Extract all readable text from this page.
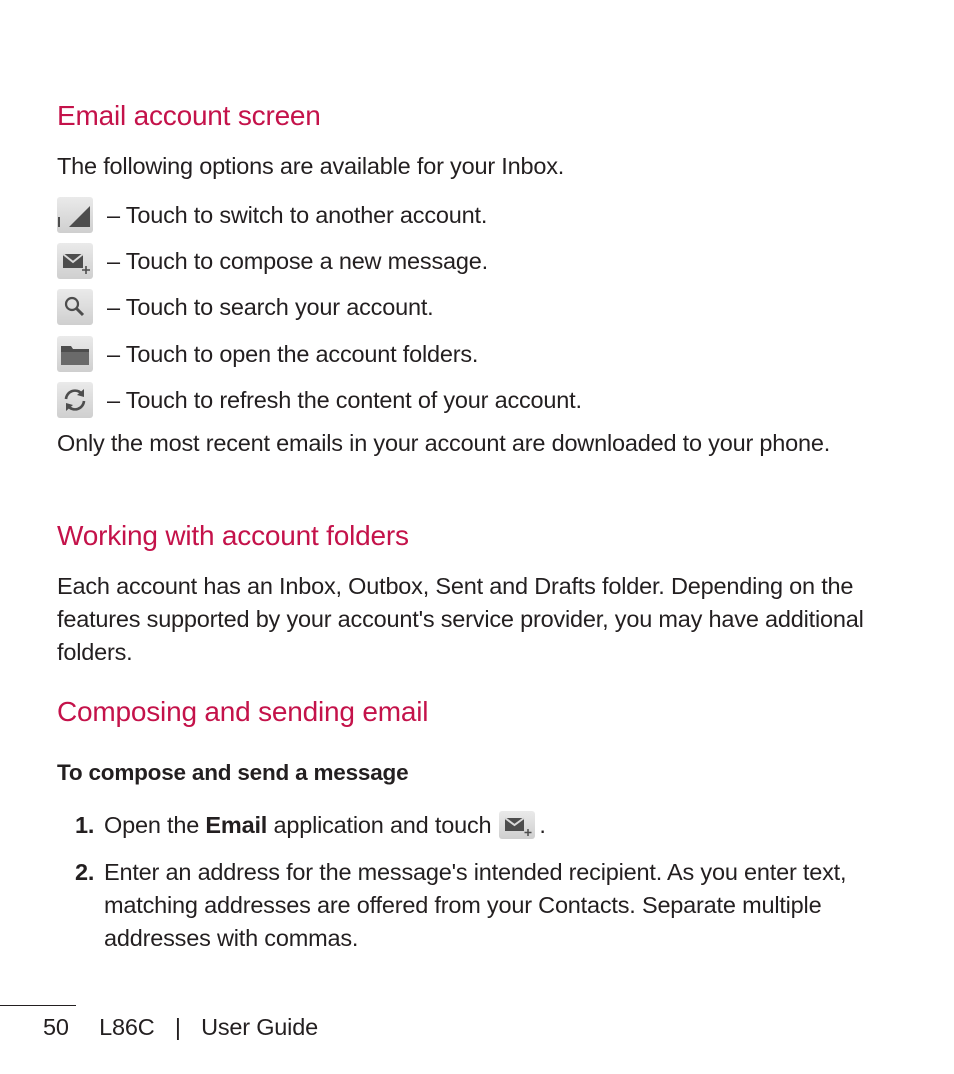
Email account screen

The following options are available for your Inbox.

– Touch to switch to another account.
– Touch to compose a new message.
– Touch to search your account.
– Touch to open the account folders.
– Touch to refresh the content of your account.

Only the most recent emails in your account are downloaded to your phone.

Working with account folders

Each account has an Inbox, Outbox, Sent and Drafts folder. Depending on the features supported by your account's service provider, you may have additional folders.

Composing and sending email

To compose and send a message

1. Open the Email application and touch .
2. Enter an address for the message's intended recipient. As you enter text, matching addresses are offered from your Contacts. Separate multiple addresses with commas.
50 L86C | User Guide
